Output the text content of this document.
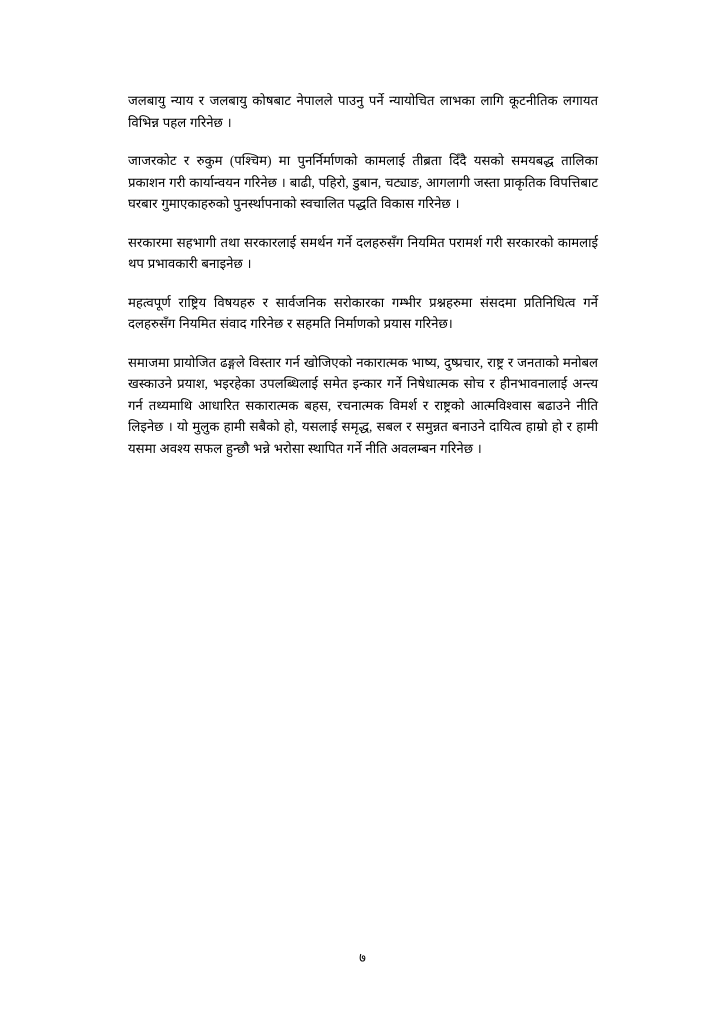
जलबायु न्याय र जलबायु कोषबाट नेपालले पाउनु पर्ने न्यायोचित लाभका लागि कूटनीतिक लगायत विभिन्न पहल गरिनेछ ।

जाजरकोट र रुकुम (पश्चिम) मा पुनर्निर्माणको कामलाई तीब्रता दिँदै यसको समयबद्ध तालिका प्रकाशन गरी कार्यान्वयन गरिनेछ । बाढी, पहिरो, डुबान, चट्याङ, आगलागी जस्ता प्राकृतिक विपत्तिबाट घरबार गुमाएकाहरुको पुनर्स्थापनाको स्वचालित पद्धति विकास गरिनेछ ।

सरकारमा सहभागी तथा सरकारलाई समर्थन गर्ने दलहरुसँग नियमित परामर्श गरी सरकारको कामलाई थप प्रभावकारी बनाइनेछ ।

महत्वपूर्ण राष्ट्रिय विषयहरु र सार्वजनिक सरोकारका गम्भीर प्रश्नहरुमा संसदमा प्रतिनिधित्व गर्ने दलहरुसँग नियमित संवाद गरिनेछ र सहमति निर्माणको प्रयास गरिनेछ।

समाजमा प्रायोजित ढङ्गले विस्तार गर्न खोजिएको नकारात्मक भाष्य, दुष्प्रचार, राष्ट्र र जनताको मनोबल खस्काउने प्रयाश, भइरहेका उपलब्धिलाई समेत इन्कार गर्ने निषेधात्मक सोच र हीनभावनालाई अन्त्य गर्न तथ्यमाथि आधारित सकारात्मक बहस, रचनात्मक विमर्श र राष्ट्रको आत्मविश्वास बढाउने नीति लिइनेछ । यो मुलुक हामी सबैको हो, यसलाई समृद्ध, सबल र समुन्नत बनाउने दायित्व हाम्रो हो र हामी यसमा अवश्य सफल हुन्छौ भन्ने भरोसा स्थापित गर्ने नीति अवलम्बन गरिनेछ ।

७
